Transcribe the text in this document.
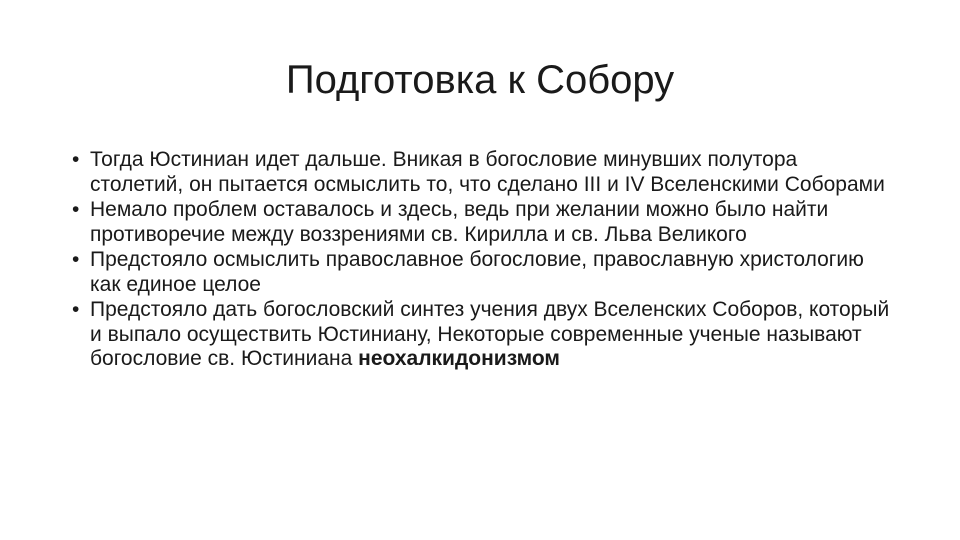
Подготовка к Собору
• Тогда Юстиниан идет дальше. Вникая в богословие минувших полутора столетий, он пытается осмыслить то, что сделано III и IV Вселенскими Соборами
• Немало проблем оставалось и здесь, ведь при желании можно было найти противоречие между воззрениями св. Кирилла и св. Льва Великого
• Предстояло осмыслить православное богословие, православную христологию как единое целое
• Предстояло дать богословский синтез учения двух Вселенских Соборов, который и выпало осуществить Юстиниану, Некоторые современные ученые называют богословие св. Юстиниана неохалкидонизмом
